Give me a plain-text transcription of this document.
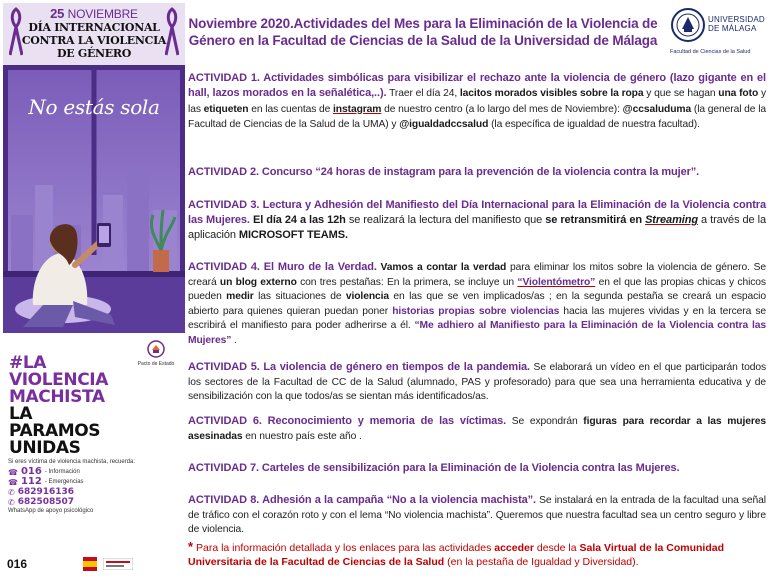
25 NOVIEMBRE
DÍA INTERNACIONAL
CONTRA LA VIOLENCIA
DE GÉNERO
No estás sola
Pacto de Estado
#LA
VIOLENCIA
MACHISTA
LA
PARAMOS
UNIDAS
Si eres víctima de violencia machista, recuerda:
☎ 016 - Información
☎ 112 - Emergencias
✆ 682916136
✆ 682508507
WhatsApp de apoyo psicológico
016
Noviembre 2020.Actividades del Mes para la Eliminación de la Violencia de Género en la Facultad de Ciencias de la Salud de la Universidad de Málaga
UNIVERSIDAD
DE MÁLAGA
Facultad de Ciencias de la Salud
ACTIVIDAD 1. Actividades simbólicas para visibilizar el rechazo ante la violencia de género (lazo gigante en el hall, lazos morados en la señalética,..). Traer el día 24, lacitos morados visibles sobre la ropa y que se hagan una foto y las etiqueten en las cuentas de instagram de nuestro centro (a lo largo del mes de Noviembre): @ccsaluduma (la general de la Facultad de Ciencias de la Salud de la UMA) y @igualdadccsalud (la específica de igualdad de nuestra facultad).
ACTIVIDAD 2. Concurso “24 horas de instagram para la prevención de la violencia contra la mujer”.
ACTIVIDAD 3. Lectura y Adhesión del Manifiesto del Día Internacional para la Eliminación de la Violencia contra las Mujeres. El día 24 a las 12h se realizará la lectura del manifiesto que se retransmitirá en Streaming a través de la aplicación MICROSOFT TEAMS.
ACTIVIDAD 4. El Muro de la Verdad. Vamos a contar la verdad para eliminar los mitos sobre la violencia de género. Se creará un blog externo con tres pestañas: En la primera, se incluye un “Violentómetro” en el que las propias chicas y chicos pueden medir las situaciones de violencia en las que se ven implicados/as ; en la segunda pestaña se creará un espacio abierto para quienes quieran puedan poner historias propias sobre violencias hacia las mujeres vividas y en la tercera se escribirá el manifiesto para poder adherirse a él. “Me adhiero al Manifiesto para la Eliminación de la Violencia contra las Mujeres” .
ACTIVIDAD 5. La violencia de género en tiempos de la pandemia. Se elaborará un vídeo en el que participarán todos los sectores de la Facultad de CC de la Salud (alumnado, PAS y profesorado) para que sea una herramienta educativa y de sensibilización con la que todos/as se sientan más identificados/as.
ACTIVIDAD 6. Reconocimiento y memoria de las víctimas. Se expondrán figuras para recordar a las mujeres asesinadas en nuestro país este año .
ACTIVIDAD 7. Carteles de sensibilización para la Eliminación de la Violencia contra las Mujeres.
ACTIVIDAD 8. Adhesión a la campaña “No a la violencia machista”. Se instalará en la entrada de la facultad una señal de tráfico con el corazón roto y con el lema “No violencia machista”. Queremos que nuestra facultad sea un centro seguro y libre de violencia.
* Para la información detallada y los enlaces para las actividades acceder desde la Sala Virtual de la Comunidad Universitaria de la Facultad de Ciencias de la Salud (en la pestaña de Igualdad y Diversidad).
